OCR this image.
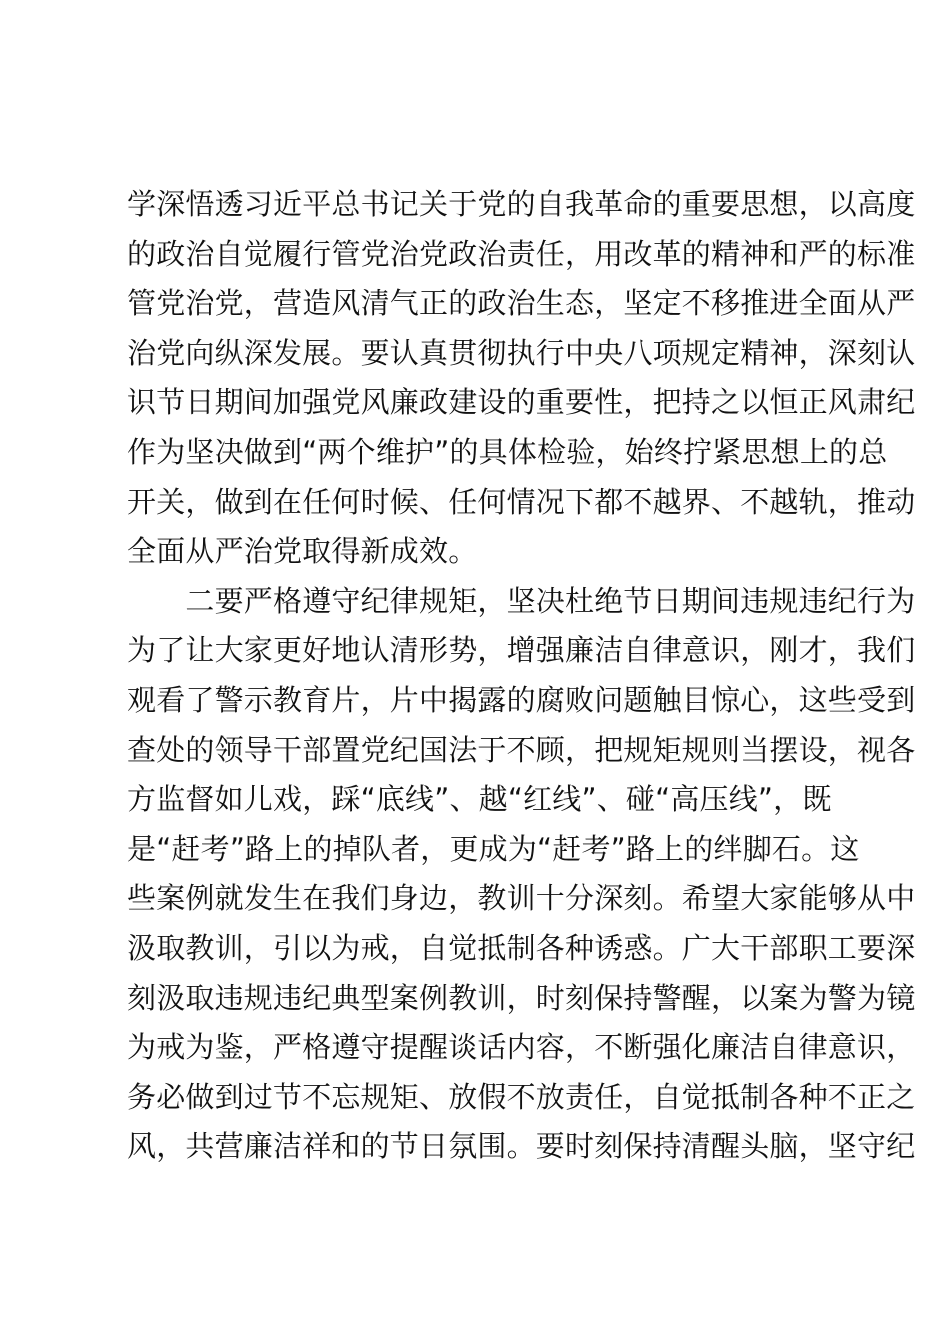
学深悟透习近平总书记关于党的自我革命的重要思想，以高度
的政治自觉履行管党治党政治责任，用改革的精神和严的标准
管党治党，营造风清气正的政治生态，坚定不移推进全面从严
治党向纵深发展。要认真贯彻执行中央八项规定精神，深刻认
识节日期间加强党风廉政建设的重要性，把持之以恒正风肃纪
作为坚决做到“两个维护”的具体检验，始终拧紧思想上的总
开关，做到在任何时候、任何情况下都不越界、不越轨，推动
全面从严治党取得新成效。
　　二要严格遵守纪律规矩，坚决杜绝节日期间违规违纪行为
为了让大家更好地认清形势，增强廉洁自律意识，刚才，我们
观看了警示教育片，片中揭露的腐败问题触目惊心，这些受到
查处的领导干部置党纪国法于不顾，把规矩规则当摆设，视各
方监督如儿戏，踩“底线”、越“红线”、碰“高压线”，既
是“赶考”路上的掉队者，更成为“赶考”路上的绊脚石。这
些案例就发生在我们身边，教训十分深刻。希望大家能够从中
汲取教训，引以为戒，自觉抵制各种诱惑。广大干部职工要深
刻汲取违规违纪典型案例教训，时刻保持警醒，以案为警为镜
为戒为鉴，严格遵守提醒谈话内容，不断强化廉洁自律意识，
务必做到过节不忘规矩、放假不放责任，自觉抵制各种不正之
风，共营廉洁祥和的节日氛围。要时刻保持清醒头脑，坚守纪
